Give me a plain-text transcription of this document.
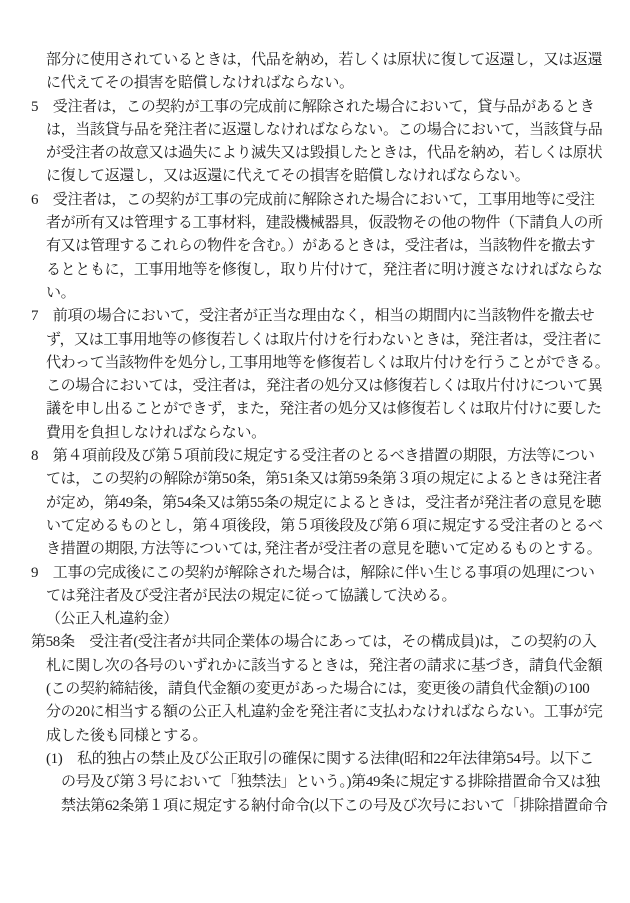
部分に使用されているときは，代品を納め，若しくは原状に復して返還し，又は返還
に代えてその損害を賠償しなければならない。
5　受注者は，この契約が工事の完成前に解除された場合において，貸与品があるとき
は，当該貸与品を発注者に返還しなければならない。この場合において，当該貸与品
が受注者の故意又は過失により滅失又は毀損したときは，代品を納め，若しくは原状
に復して返還し，又は返還に代えてその損害を賠償しなければならない。
6　受注者は，この契約が工事の完成前に解除された場合において，工事用地等に受注
者が所有又は管理する工事材料，建設機械器具，仮設物その他の物件（下請負人の所
有又は管理するこれらの物件を含む。）があるときは，受注者は，当該物件を撤去す
るとともに，工事用地等を修復し，取り片付けて，発注者に明け渡さなければならな
い。
7　前項の場合において，受注者が正当な理由なく，相当の期間内に当該物件を撤去せ
ず，又は工事用地等の修復若しくは取片付けを行わないときは，発注者は，受注者に
代わって当該物件を処分し, 工事用地等を修復若しくは取片付けを行うことができる。
この場合においては，受注者は，発注者の処分又は修復若しくは取片付けについて異
議を申し出ることができず，また，発注者の処分又は修復若しくは取片付けに要した
費用を負担しなければならない。
8　第４項前段及び第５項前段に規定する受注者のとるべき措置の期限，方法等につい
ては，この契約の解除が第50条，第51条又は第59条第３項の規定によるときは発注者
が定め，第49条，第54条又は第55条の規定によるときは，受注者が発注者の意見を聴
いて定めるものとし，第４項後段，第５項後段及び第６項に規定する受注者のとるべ
き措置の期限, 方法等については, 発注者が受注者の意見を聴いて定めるものとする。
9　工事の完成後にこの契約が解除された場合は，解除に伴い生じる事項の処理につい
ては発注者及び受注者が民法の規定に従って協議して決める。
（公正入札違約金）
第58条　受注者(受注者が共同企業体の場合にあっては，その構成員)は，この契約の入
札に関し次の各号のいずれかに該当するときは，発注者の請求に基づき，請負代金額
(この契約締結後，請負代金額の変更があった場合には，変更後の請負代金額)の100
分の20に相当する額の公正入札違約金を発注者に支払わなければならない。工事が完
成した後も同様とする。
(1)　私的独占の禁止及び公正取引の確保に関する法律(昭和22年法律第54号。以下こ
の号及び第３号において「独禁法」という。)第49条に規定する排除措置命令又は独
禁法第62条第１項に規定する納付命令(以下この号及び次号において「排除措置命令
